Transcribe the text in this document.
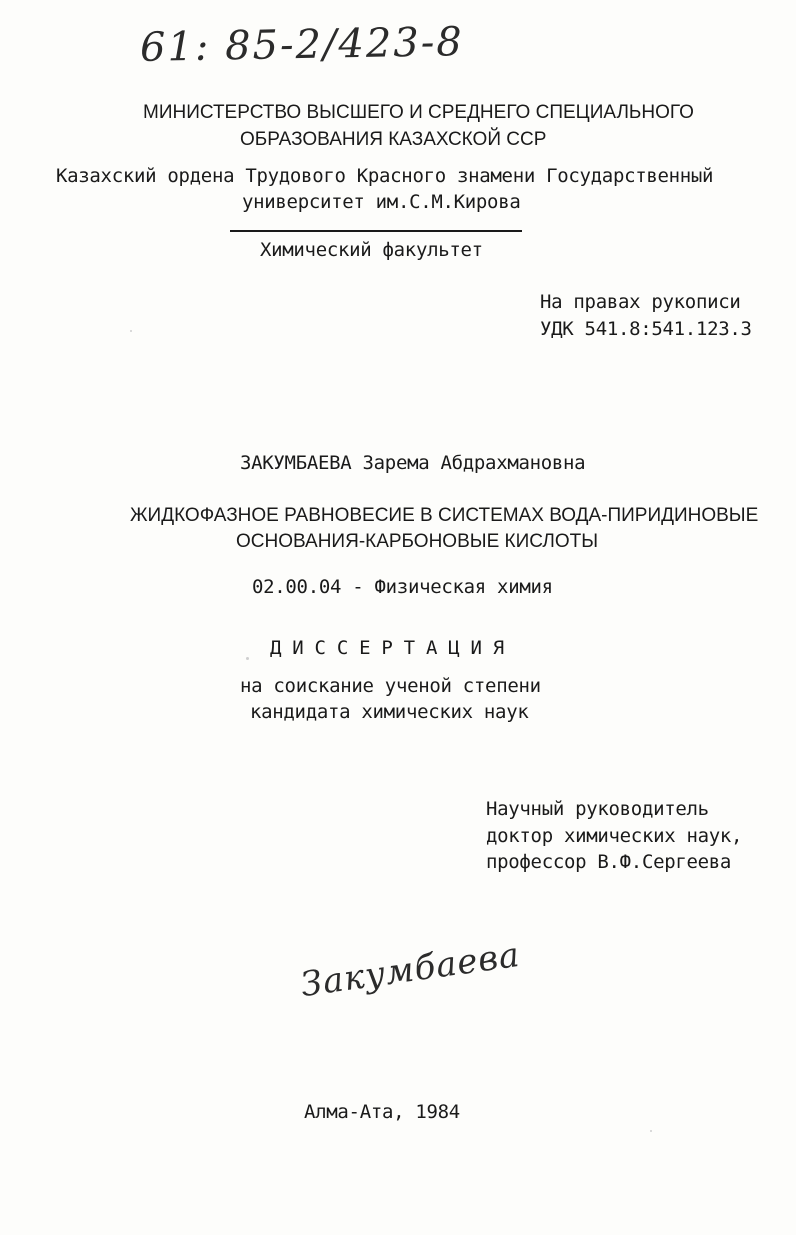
61: 85-2/423-8
МИНИСТЕРСТВО ВЫСШЕГО И СРЕДНЕГО СПЕЦИАЛЬНОГО
ОБРАЗОВАНИЯ КАЗАХСКОЙ ССР
Казахский ордена Трудового Красного знамени Государственный
университет им.С.М.Кирова
Химический факультет
На правах рукописи
УДК 541.8:541.123.3
ЗАКУМБАЕВА Зарема Абдрахмановна
ЖИДКОФАЗНОЕ РАВНОВЕСИЕ В СИСТЕМАХ ВОДА-ПИРИДИНОВЫЕ
ОСНОВАНИЯ-КАРБОНОВЫЕ КИСЛОТЫ
02.00.04 - Физическая химия
Д И С С Е Р Т А Ц И Я
на соискание ученой степени
кандидата химических наук
Научный руководитель
доктор химических наук,
профессор В.Ф.Сергеева
Закумбаева
Алма-Ата, 1984
